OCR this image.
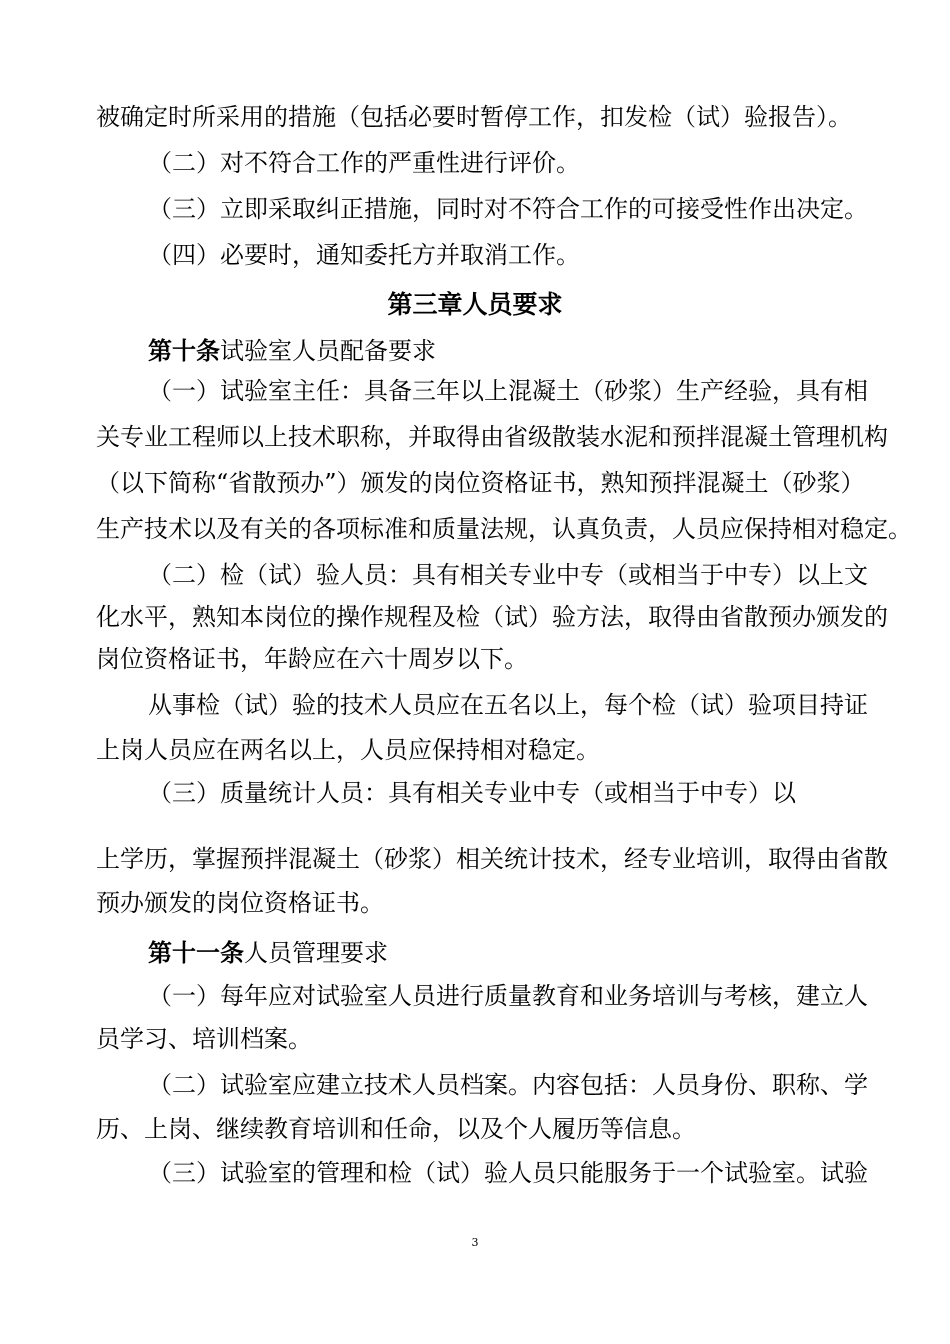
被确定时所采用的措施（包括必要时暂停工作，扣发检（试）验报告）。
（二）对不符合工作的严重性进行评价。
（三）立即采取纠正措施，同时对不符合工作的可接受性作出决定。
（四）必要时，通知委托方并取消工作。
第三章人员要求
第十条试验室人员配备要求
（一）试验室主任：具备三年以上混凝土（砂浆）生产经验，具有相
关专业工程师以上技术职称，并取得由省级散装水泥和预拌混凝土管理机构
（以下简称“省散预办”）颁发的岗位资格证书，熟知预拌混凝土（砂浆）
生产技术以及有关的各项标准和质量法规，认真负责，人员应保持相对稳定。
（二）检（试）验人员：具有相关专业中专（或相当于中专）以上文
化水平，熟知本岗位的操作规程及检（试）验方法，取得由省散预办颁发的
岗位资格证书，年龄应在六十周岁以下。
从事检（试）验的技术人员应在五名以上，每个检（试）验项目持证
上岗人员应在两名以上，人员应保持相对稳定。
（三）质量统计人员：具有相关专业中专（或相当于中专）以
上学历，掌握预拌混凝土（砂浆）相关统计技术，经专业培训，取得由省散
预办颁发的岗位资格证书。
第十一条人员管理要求
（一）每年应对试验室人员进行质量教育和业务培训与考核，建立人
员学习、培训档案。
（二）试验室应建立技术人员档案。内容包括：人员身份、职称、学
历、上岗、继续教育培训和任命，以及个人履历等信息。
（三）试验室的管理和检（试）验人员只能服务于一个试验室。试验
3
